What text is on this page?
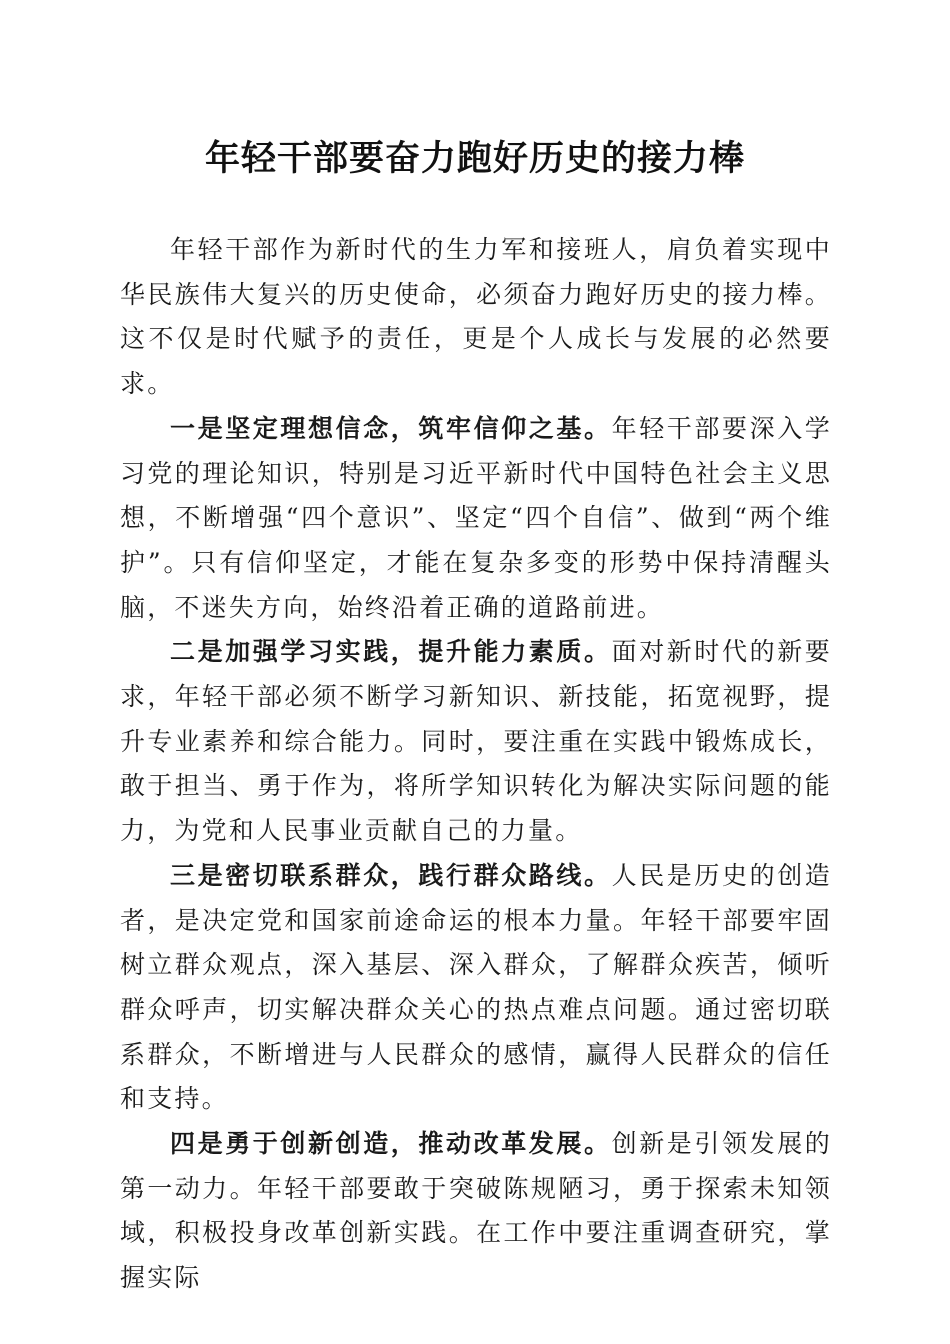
年轻干部要奋力跑好历史的接力棒

年轻干部作为新时代的生力军和接班人，肩负着实现中华民族伟大复兴的历史使命，必须奋力跑好历史的接力棒。这不仅是时代赋予的责任，更是个人成长与发展的必然要求。

一是坚定理想信念，筑牢信仰之基。年轻干部要深入学习党的理论知识，特别是习近平新时代中国特色社会主义思想，不断增强“四个意识”、坚定“四个自信”、做到“两个维护”。只有信仰坚定，才能在复杂多变的形势中保持清醒头脑，不迷失方向，始终沿着正确的道路前进。

二是加强学习实践，提升能力素质。面对新时代的新要求，年轻干部必须不断学习新知识、新技能，拓宽视野，提升专业素养和综合能力。同时，要注重在实践中锻炼成长，敢于担当、勇于作为，将所学知识转化为解决实际问题的能力，为党和人民事业贡献自己的力量。

三是密切联系群众，践行群众路线。人民是历史的创造者，是决定党和国家前途命运的根本力量。年轻干部要牢固树立群众观点，深入基层、深入群众，了解群众疾苦，倾听群众呼声，切实解决群众关心的热点难点问题。通过密切联系群众，不断增进与人民群众的感情，赢得人民群众的信任和支持。

四是勇于创新创造，推动改革发展。创新是引领发展的第一动力。年轻干部要敢于突破陈规陋习，勇于探索未知领域，积极投身改革创新实践。在工作中要注重调查研究，掌握实际
